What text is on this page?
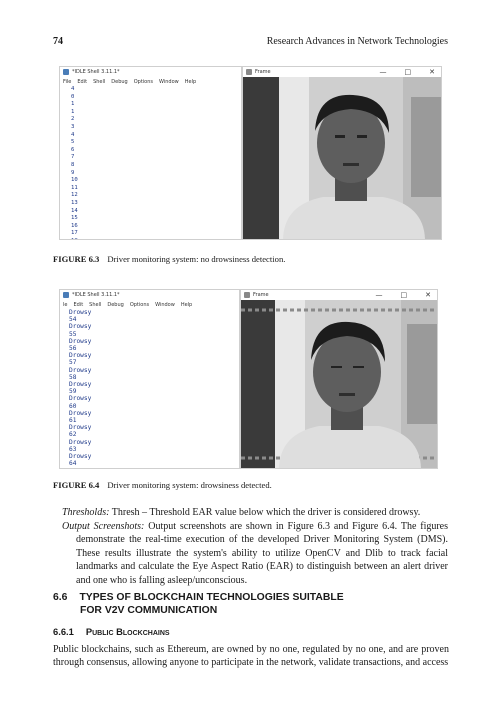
74	Research Advances in Network Technologies
*IDLE Shell 3.11.1*
File Edit Shell Debug Options Window Help
4
0
1
1
2
3
4
5
6
7
8
9
10
11
12
13
14
15
16
17
Frame	—	□	✕
FIGURE 6.3 Driver monitoring system: no drowsiness detection.
*IDLE Shell 3.11.1*
le Edit Shell Debug Options Window Help
Drowsy
54
Drowsy
55
Drowsy
56
Drowsy
57
Drowsy
58
Drowsy
59
Drowsy
60
Drowsy
61
Drowsy
62
Drowsy
63
Drowsy
64
Frame	—	□	✕
FIGURE 6.4 Driver monitoring system: drowsiness detected.
Thresholds: Thresh – Threshold EAR value below which the driver is considered drowsy.
Output Screenshots: Output screenshots are shown in Figure 6.3 and Figure 6.4. The figures demonstrate the real-time execution of the developed Driver Monitoring System (DMS). These results illustrate the system's ability to utilize OpenCV and Dlib to track facial landmarks and calculate the Eye Aspect Ratio (EAR) to distinguish between an alert driver and one who is falling asleep/unconscious.
6.6 TYPES OF BLOCKCHAIN TECHNOLOGIES SUITABLE
FOR V2V COMMUNICATION
6.6.1 Public Blockchains
Public blockchains, such as Ethereum, are owned by no one, regulated by no one, and are proven through consensus, allowing anyone to participate in the network, validate transactions, and access
